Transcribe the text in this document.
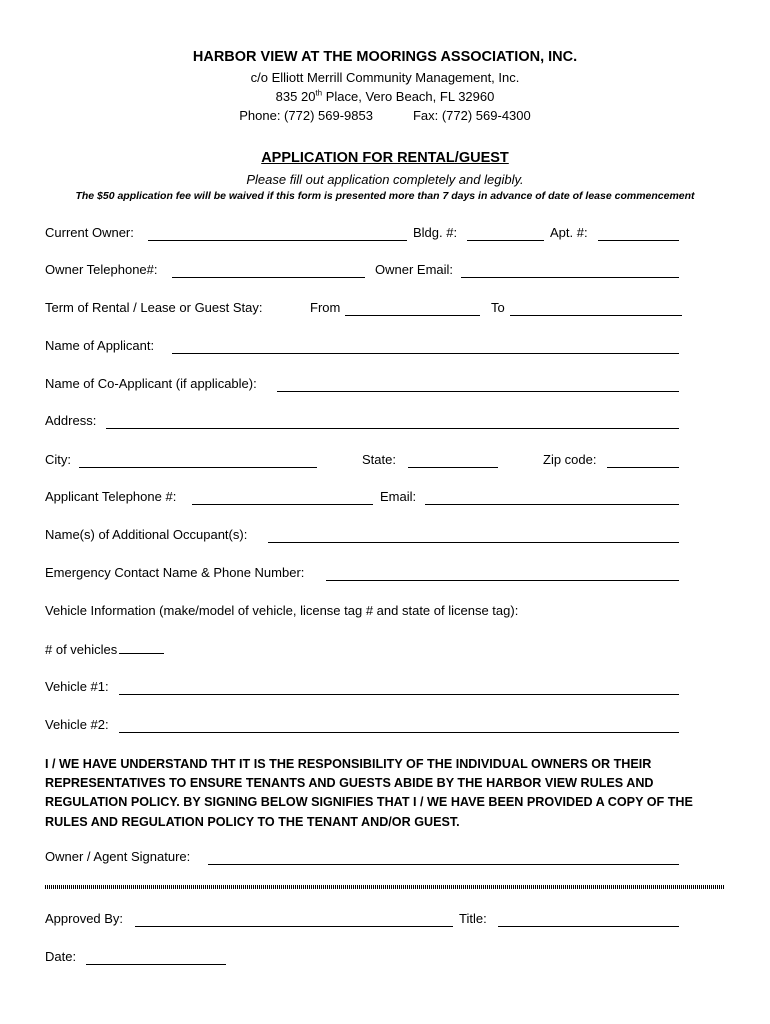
HARBOR VIEW AT THE MOORINGS ASSOCIATION, INC.
c/o Elliott Merrill Community Management, Inc.
835 20th Place, Vero Beach, FL 32960
Phone: (772) 569-9853	Fax: (772) 569-4300
APPLICATION FOR RENTAL/GUEST
Please fill out application completely and legibly.
The $50 application fee will be waived if this form is presented more than 7 days in advance of date of lease commencement
Current Owner:	Bldg. #:	Apt. #:
Owner Telephone#:	Owner Email:
Term of Rental / Lease or Guest Stay:	From	To
Name of Applicant:
Name of Co-Applicant (if applicable):
Address:
City:	State:	Zip code:
Applicant Telephone #:	Email:
Name(s) of Additional Occupant(s):
Emergency Contact Name & Phone Number:
Vehicle Information (make/model of vehicle, license tag # and state of license tag):
# of vehicles
Vehicle #1:
Vehicle #2:
I / WE HAVE UNDERSTAND THT IT IS THE RESPONSIBILITY OF THE INDIVIDUAL OWNERS OR THEIR REPRESENTATIVES TO ENSURE TENANTS AND GUESTS ABIDE BY THE HARBOR VIEW RULES AND REGULATION POLICY. BY SIGNING BELOW SIGNIFIES THAT I / WE HAVE BEEN PROVIDED A COPY OF THE RULES AND REGULATION POLICY TO THE TENANT AND/OR GUEST.
Owner / Agent Signature:
Approved By:	Title:
Date:
